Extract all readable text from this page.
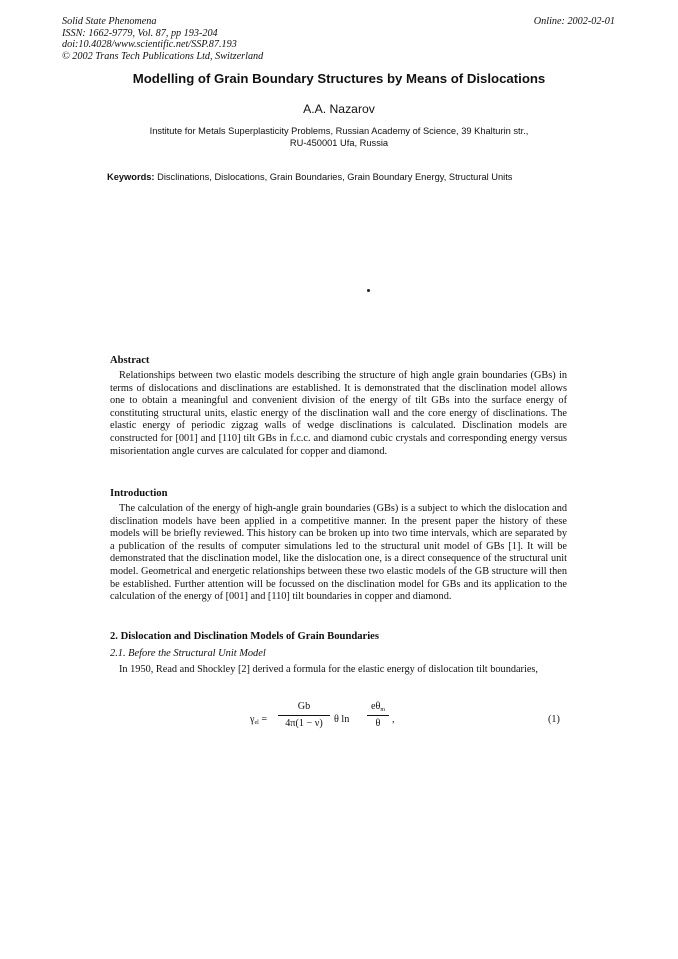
Solid State Phenomena
ISSN: 1662-9779, Vol. 87, pp 193-204
doi:10.4028/www.scientific.net/SSP.87.193
© 2002 Trans Tech Publications Ltd, Switzerland
Online: 2002-02-01
Modelling of Grain Boundary Structures by Means of Dislocations
A.A. Nazarov
Institute for Metals Superplasticity Problems, Russian Academy of Science, 39 Khalturin str.,
RU-450001 Ufa, Russia
Keywords: Disclinations, Dislocations, Grain Boundaries, Grain Boundary Energy, Structural Units
Abstract
Relationships between two elastic models describing the structure of high angle grain boundaries (GBs) in terms of dislocations and disclinations are established. It is demonstrated that the disclination model allows one to obtain a meaningful and convenient division of the energy of tilt GBs into the surface energy of constituting structural units, elastic energy of the disclination wall and the core energy of disclinations. The elastic energy of periodic zigzag walls of wedge disclinations is calculated. Disclination models are constructed for [001] and [110] tilt GBs in f.c.c. and diamond cubic crystals and corresponding energy versus misorientation angle curves are calculated for copper and diamond.
Introduction
The calculation of the energy of high-angle grain boundaries (GBs) is a subject to which the dislocation and disclination models have been applied in a competitive manner. In the present paper the history of these models will be briefly reviewed. This history can be broken up into two time intervals, which are separated by a publication of the results of computer simulations led to the structural unit model of GBs [1]. It will be demonstrated that the disclination model, like the dislocation one, is a direct consequence of the structural unit model. Geometrical and energetic relationships between these two elastic models of the GB structure will then be established. Further attention will be focussed on the disclination model for GBs and its application to the calculation of the energy of [001] and [110] tilt boundaries in copper and diamond.
2. Dislocation and Disclination Models of Grain Boundaries
2.1. Before the Structural Unit Model
In 1950, Read and Shockley [2] derived a formula for the elastic energy of dislocation tilt boundaries,
$\gamma_{el}$ =
Gb
4π(1 − ν)	θ ln
$e\theta_m$
θ	,	(1)
